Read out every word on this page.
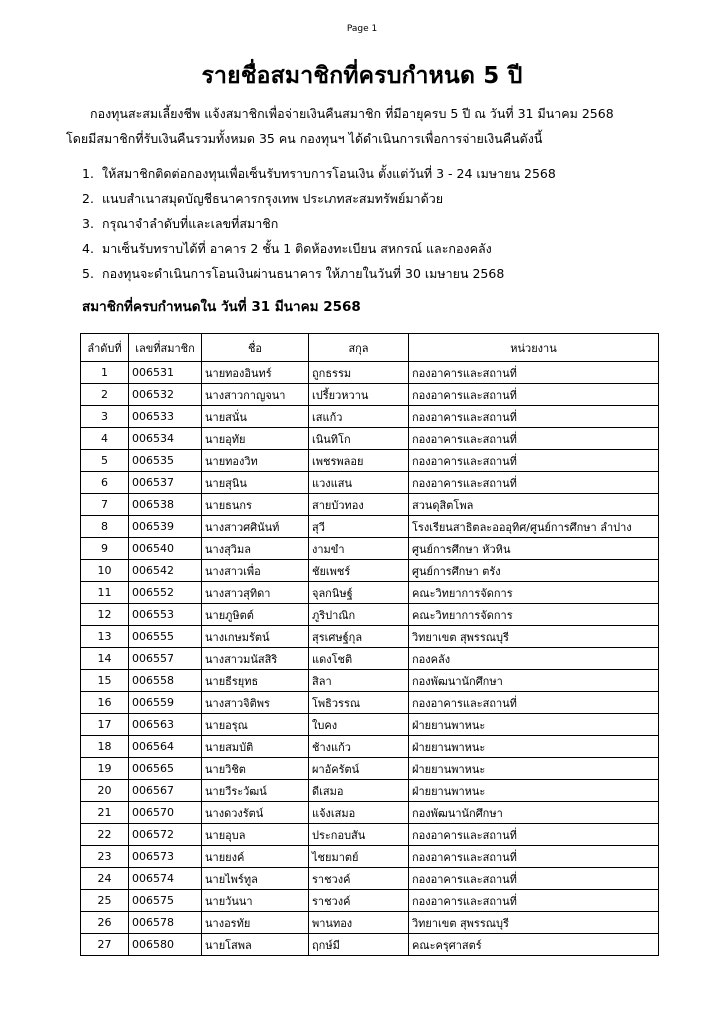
Page 1
รายชื่อสมาชิกที่ครบกำหนด 5 ปี
กองทุนสะสมเลี้ยงชีพ แจ้งสมาชิกเพื่อจ่ายเงินคืนสมาชิก ที่มีอายุครบ 5 ปี ณ วันที่ 31 มีนาคม 2568
โดยมีสมาชิกที่รับเงินคืนรวมทั้งหมด 35 คน กองทุนฯ ได้ดำเนินการเพื่อการจ่ายเงินคืนดังนี้
1. ให้สมาชิกติดต่อกองทุนเพื่อเซ็นรับทราบการโอนเงิน ตั้งแต่วันที่ 3 - 24 เมษายน 2568
2. แนบสำเนาสมุดบัญชีธนาคารกรุงเทพ ประเภทสะสมทรัพย์มาด้วย
3. กรุณาจำลำดับที่และเลขที่สมาชิก
4. มาเซ็นรับทราบได้ที่ อาคาร 2 ชั้น 1 ติดห้องทะเบียน สหกรณ์ และกองคลัง
5. กองทุนจะดำเนินการโอนเงินผ่านธนาคาร ให้ภายในวันที่ 30 เมษายน 2568
สมาชิกที่ครบกำหนดใน วันที่ 31 มีนาคม 2568
ลำดับที่	เลขที่สมาชิก	ชื่อ	สกุล	หน่วยงาน
1	006531	นายทองอินทร์	ถูกธรรม	กองอาคารและสถานที่
2	006532	นางสาวกาญจนา	เปรี้ยวหวาน	กองอาคารและสถานที่
3	006533	นายสนั่น	เสแก้ว	กองอาคารและสถานที่
4	006534	นายอุทัย	เนินทิโก	กองอาคารและสถานที่
5	006535	นายทองวิท	เพชรพลอย	กองอาคารและสถานที่
6	006537	นายสุนิน	แวงแสน	กองอาคารและสถานที่
7	006538	นายธนกร	สายบัวทอง	สวนดุสิตโพล
8	006539	นางสาวศศินันท์	สุวี	โรงเรียนสาธิตละอออุทิศ/ศูนย์การศึกษา ลำปาง
9	006540	นางสุวิมล	งามขำ	ศูนย์การศึกษา หัวหิน
10	006542	นางสาวเพื่อ	ชัยเพชร์	ศูนย์การศึกษา ตรัง
11	006552	นางสาวสุทิดา	จุลกนิษฐ์	คณะวิทยาการจัดการ
12	006553	นายภูษิตต์	ภูริปาณิก	คณะวิทยาการจัดการ
13	006555	นางเกษมรัตน์	สุรเศษฐ์กุล	วิทยาเขต สุพรรณบุรี
14	006557	นางสาวมนัสสิริ	แดงโชติ	กองคลัง
15	006558	นายธีรยุทธ	สิลา	กองพัฒนานักศึกษา
16	006559	นางสาวจิติพร	โพธิวรรณ	กองอาคารและสถานที่
17	006563	นายอรุณ	ใบคง	ฝ่ายยานพาหนะ
18	006564	นายสมบัติ	ช้างแก้ว	ฝ่ายยานพาหนะ
19	006565	นายวิชิต	ผาอัครัตน์	ฝ่ายยานพาหนะ
20	006567	นายวีระวัฒน์	ดีเสมอ	ฝ่ายยานพาหนะ
21	006570	นางดวงรัตน์	แจ้งเสมอ	กองพัฒนานักศึกษา
22	006572	นายอุบล	ประกอบสัน	กองอาคารและสถานที่
23	006573	นายยงค์	ไชยมาตย์	กองอาคารและสถานที่
24	006574	นายไพร์ทูล	ราชวงค์	กองอาคารและสถานที่
25	006575	นายวันนา	ราชวงค์	กองอาคารและสถานที่
26	006578	นางอรทัย	พานทอง	วิทยาเขต สุพรรณบุรี
27	006580	นายโสพล	ฤกษ์มี	คณะครุศาสตร์
